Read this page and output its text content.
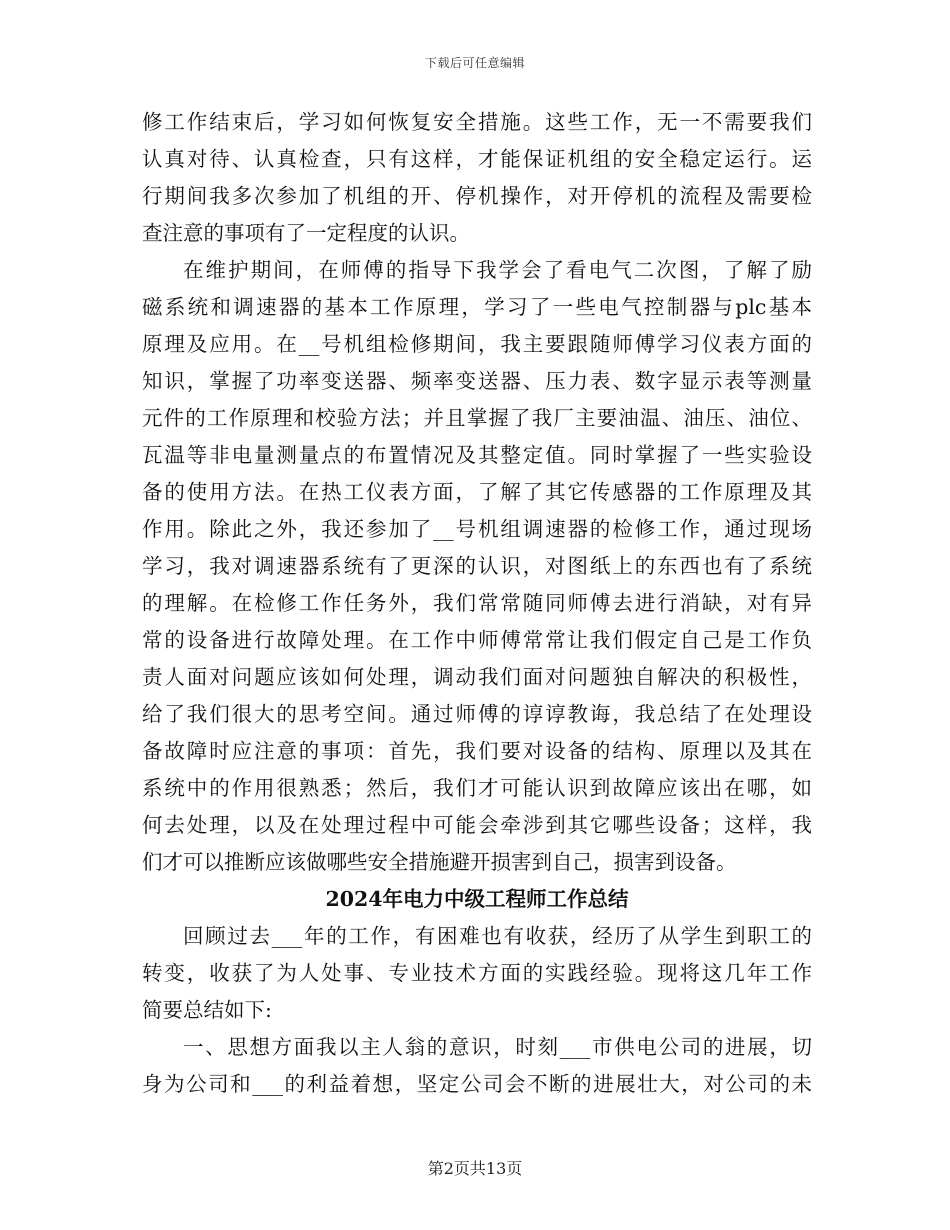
下载后可任意编辑
修工作结束后，学习如何恢复安全措施。这些工作，无一不需要我们
认真对待、认真检查，只有这样，才能保证机组的安全稳定运行。运
行期间我多次参加了机组的开、停机操作，对开停机的流程及需要检
查注意的事项有了一定程度的认识。
在维护期间，在师傅的指导下我学会了看电气二次图，了解了励
磁系统和调速器的基本工作原理，学习了一些电气控制器与plc基本
原理及应用。在__号机组检修期间，我主要跟随师傅学习仪表方面的
知识，掌握了功率变送器、频率变送器、压力表、数字显示表等测量
元件的工作原理和校验方法；并且掌握了我厂主要油温、油压、油位、
瓦温等非电量测量点的布置情况及其整定值。同时掌握了一些实验设
备的使用方法。在热工仪表方面，了解了其它传感器的工作原理及其
作用。除此之外，我还参加了__号机组调速器的检修工作，通过现场
学习，我对调速器系统有了更深的认识，对图纸上的东西也有了系统
的理解。在检修工作任务外，我们常常随同师傅去进行消缺，对有异
常的设备进行故障处理。在工作中师傅常常让我们假定自己是工作负
责人面对问题应该如何处理，调动我们面对问题独自解决的积极性，
给了我们很大的思考空间。通过师傅的谆谆教诲，我总结了在处理设
备故障时应注意的事项：首先，我们要对设备的结构、原理以及其在
系统中的作用很熟悉；然后，我们才可能认识到故障应该出在哪，如
何去处理，以及在处理过程中可能会牵涉到其它哪些设备；这样，我
们才可以推断应该做哪些安全措施避开损害到自己，损害到设备。
2024年电力中级工程师工作总结
回顾过去___年的工作，有困难也有收获，经历了从学生到职工的
转变，收获了为人处事、专业技术方面的实践经验。现将这几年工作
简要总结如下:
一、思想方面我以主人翁的意识，时刻___市供电公司的进展，切
身为公司和___的利益着想，坚定公司会不断的进展壮大，对公司的未
第2页共13页
